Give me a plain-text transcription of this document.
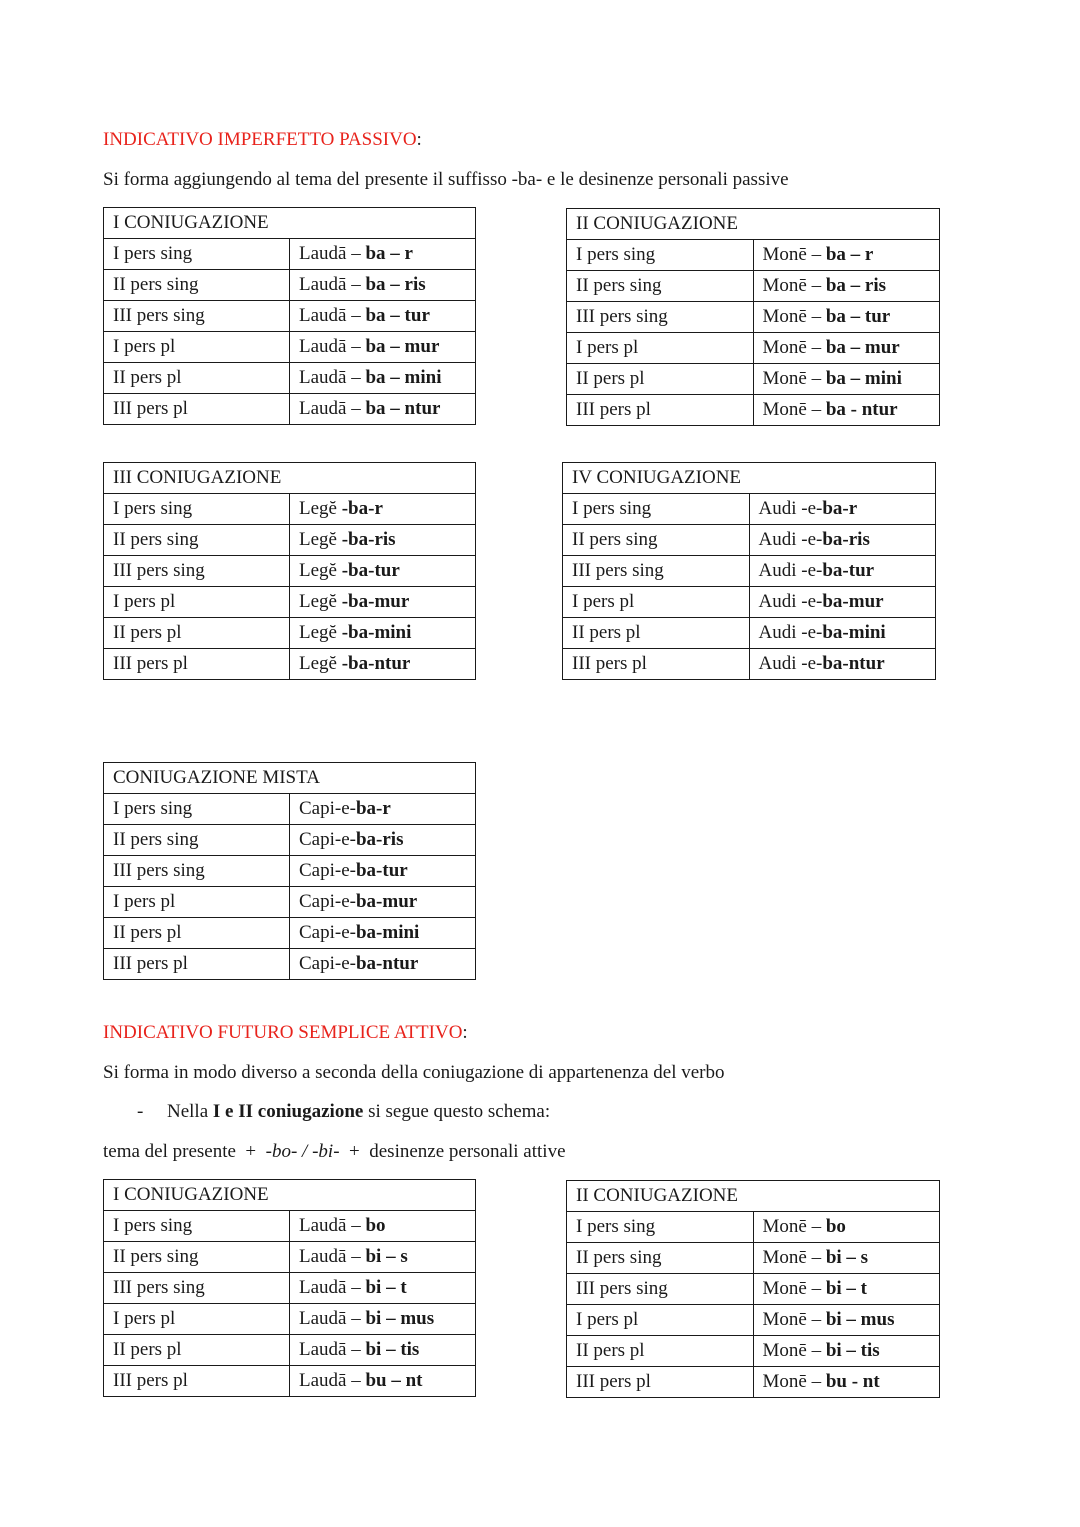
INDICATIVO IMPERFETTO PASSIVO:
Si forma aggiungendo al tema del presente il suffisso -ba- e le desinenze personali passive
I CONIUGAZIONE	
I pers sing	Laudā – ba – r
II pers sing	Laudā – ba – ris
III pers sing	Laudā – ba – tur
I pers pl	Laudā – ba – mur
II pers pl	Laudā – ba – mini
III pers pl	Laudā – ba – ntur
II CONIUGAZIONE	
I pers sing	Monē – ba – r
II pers sing	Monē – ba – ris
III pers sing	Monē – ba – tur
I pers pl	Monē – ba – mur
II pers pl	Monē – ba – mini
III pers pl	Monē – ba - ntur
III CONIUGAZIONE	
I pers sing	Legĕ -ba-r
II pers sing	Legĕ -ba-ris
III pers sing	Legĕ -ba-tur
I pers pl	Legĕ -ba-mur
II pers pl	Legĕ -ba-mini
III pers pl	Legĕ -ba-ntur
IV CONIUGAZIONE	
I pers sing	Audi -e-ba-r
II pers sing	Audi -e-ba-ris
III pers sing	Audi -e-ba-tur
I pers pl	Audi -e-ba-mur
II pers pl	Audi -e-ba-mini
III pers pl	Audi -e-ba-ntur
CONIUGAZIONE MISTA	
I pers sing	Capi-e-ba-r
II pers sing	Capi-e-ba-ris
III pers sing	Capi-e-ba-tur
I pers pl	Capi-e-ba-mur
II pers pl	Capi-e-ba-mini
III pers pl	Capi-e-ba-ntur
INDICATIVO FUTURO SEMPLICE ATTIVO:
Si forma in modo diverso a seconda della coniugazione di appartenenza del verbo
- Nella I e II coniugazione si segue questo schema:
tema del presente  +  -bo- / -bi-  +  desinenze personali attive
I CONIUGAZIONE	
I pers sing	Laudā – bo
II pers sing	Laudā – bi – s
III pers sing	Laudā – bi – t
I pers pl	Laudā – bi – mus
II pers pl	Laudā – bi – tis
III pers pl	Laudā – bu – nt
II CONIUGAZIONE	
I pers sing	Monē – bo
II pers sing	Monē – bi – s
III pers sing	Monē – bi – t
I pers pl	Monē – bi – mus
II pers pl	Monē – bi – tis
III pers pl	Monē – bu - nt
